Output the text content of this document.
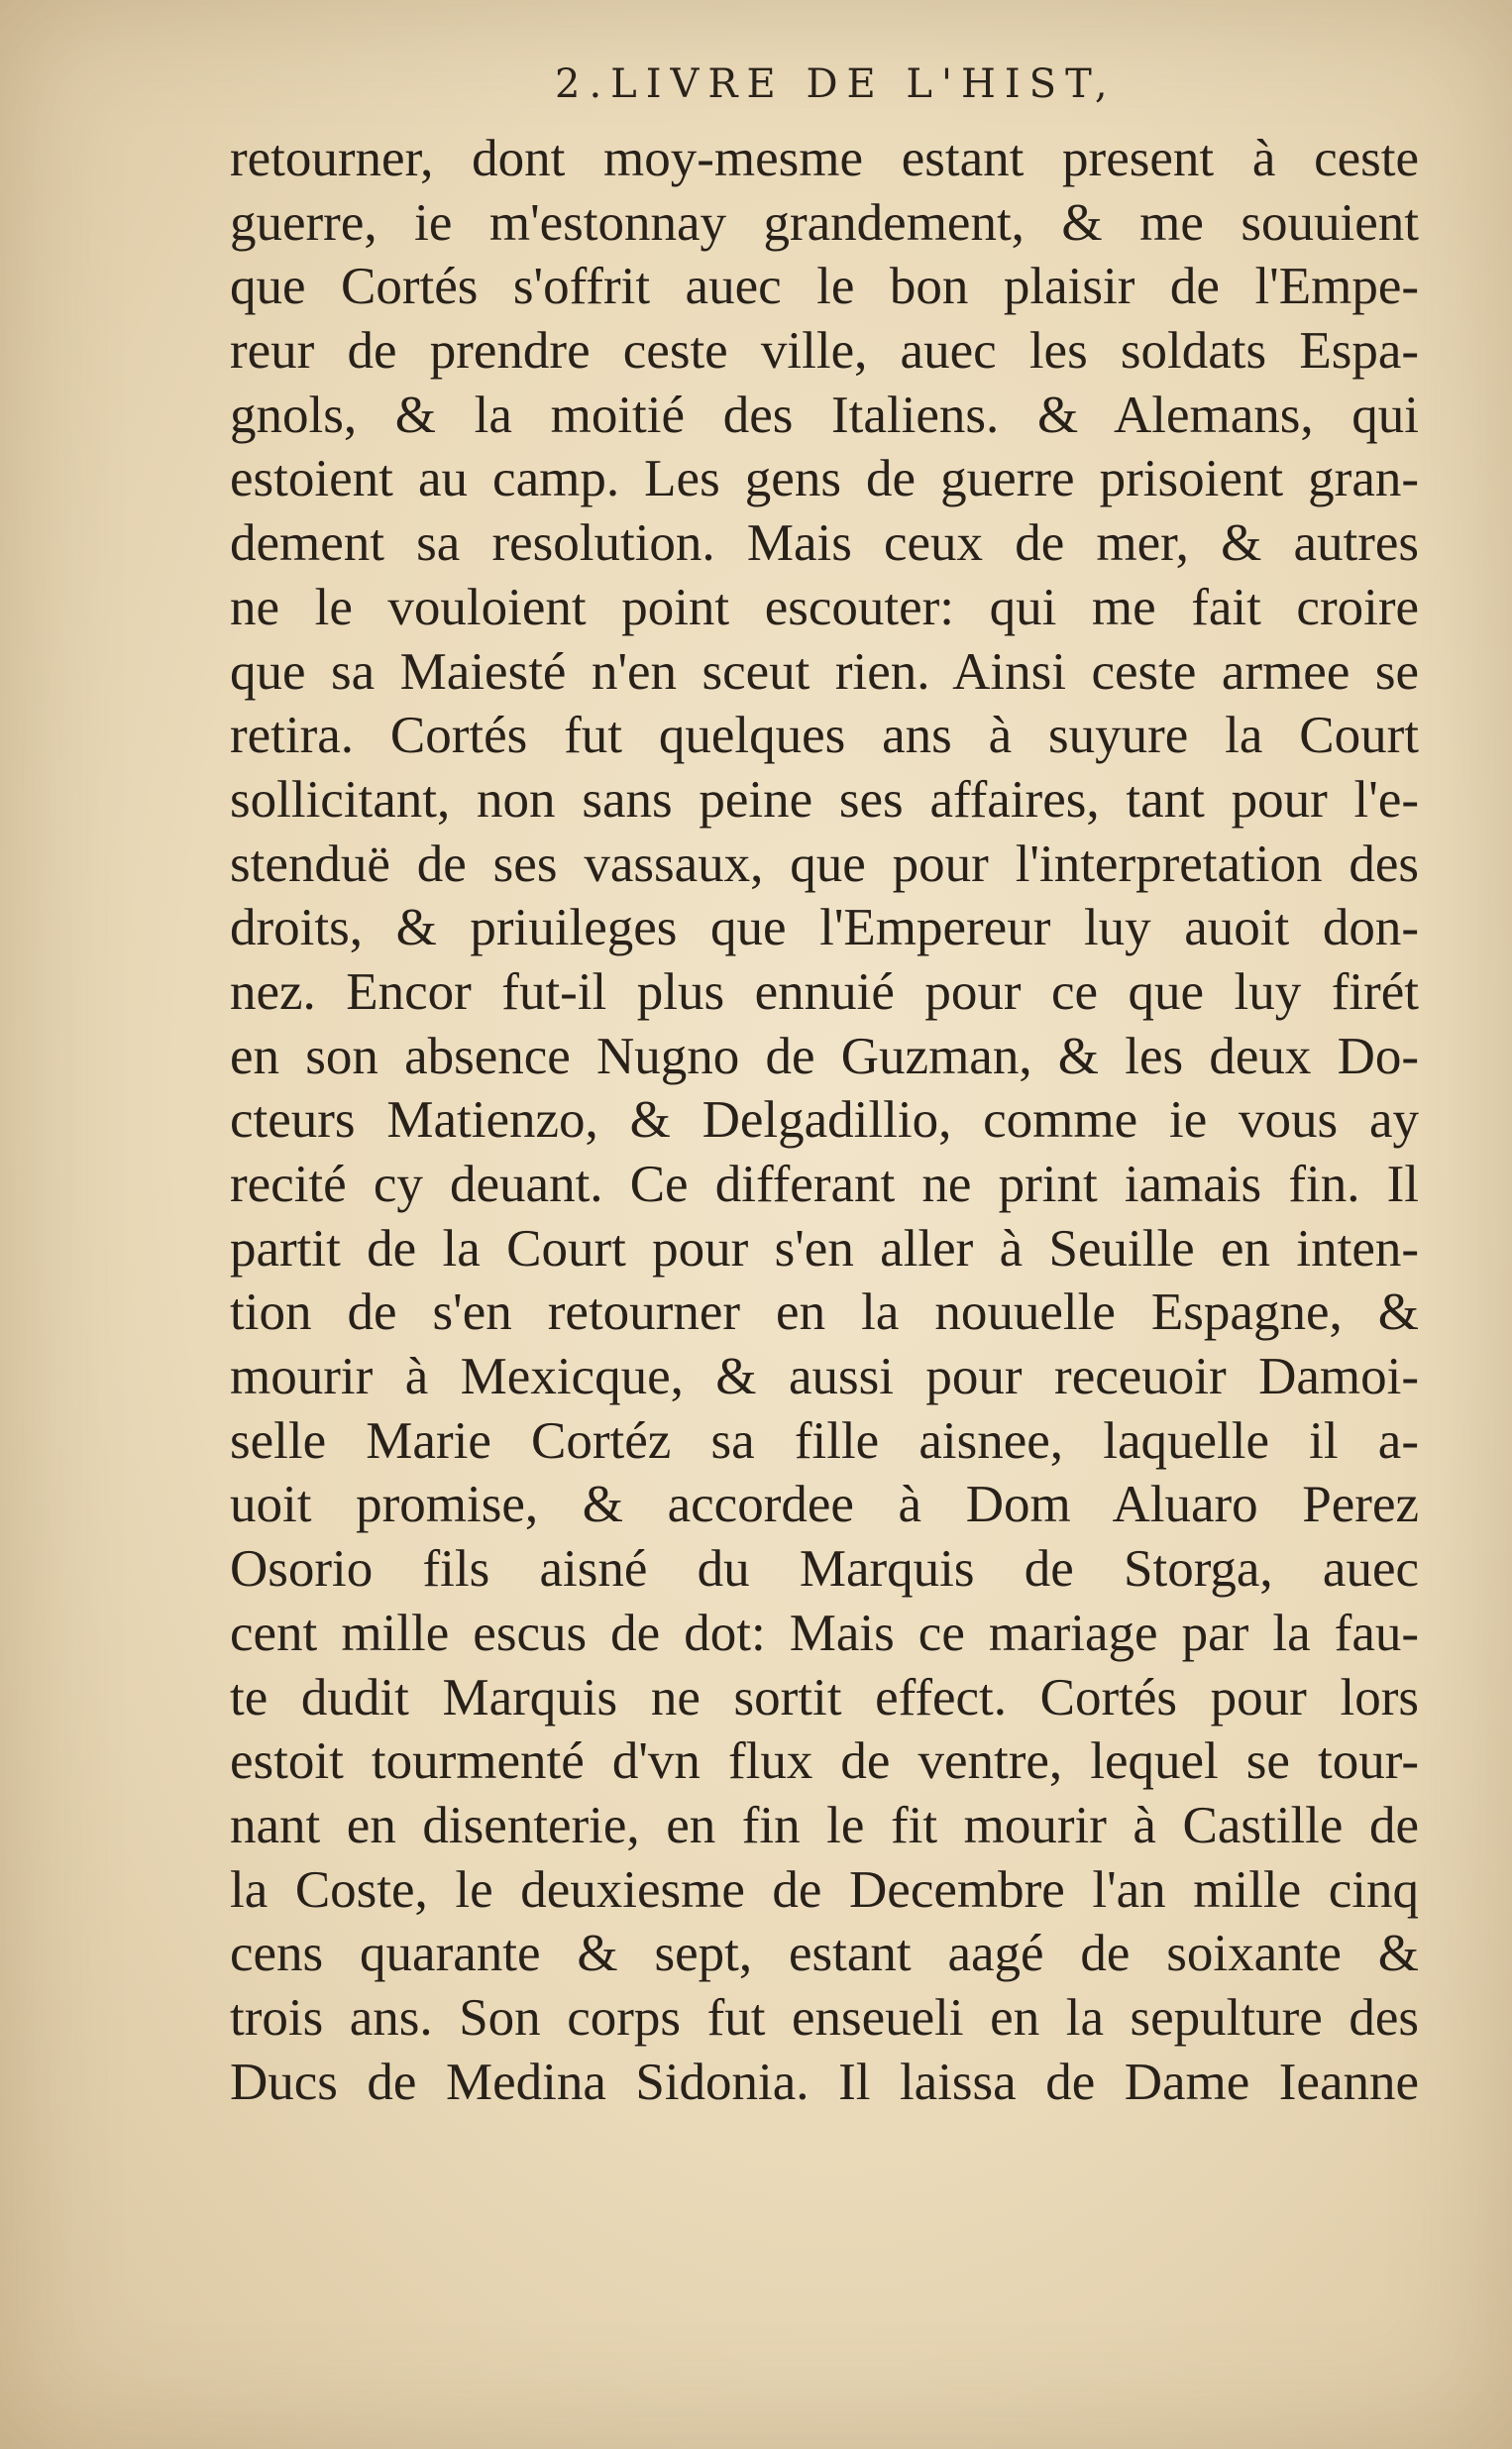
2.LIVRE DE L'HIST,
retourner, dont moy-mesme estant present à ceste
guerre, ie m'estonnay grandement, & me souuient
que Cortés s'offrit auec le bon plaisir de l'Empe-
reur de prendre ceste ville, auec les soldats Espa-
gnols, & la moitié des Italiens. & Alemans, qui
estoient au camp. Les gens de guerre prisoient gran-
dement sa resolution. Mais ceux de mer, & autres
ne le vouloient point escouter: qui me fait croire
que sa Maiesté n'en sceut rien. Ainsi ceste armee se
retira. Cortés fut quelques ans à suyure la Court
sollicitant, non sans peine ses affaires, tant pour l'e-
stenduë de ses vassaux, que pour l'interpretation des
droits, & priuileges que l'Empereur luy auoit don-
nez. Encor fut-il plus ennuié pour ce que luy firét
en son absence Nugno de Guzman, & les deux Do-
cteurs Matienzo, & Delgadillio, comme ie vous ay
recité cy deuant. Ce differant ne print iamais fin. Il
partit de la Court pour s'en aller à Seuille en inten-
tion de s'en retourner en la nouuelle Espagne, &
mourir à Mexicque, & aussi pour receuoir Damoi-
selle Marie Cortéz sa fille aisnee, laquelle il a-
uoit promise, & accordee à Dom Aluaro Perez
Osorio fils aisné du Marquis de Storga, auec
cent mille escus de dot: Mais ce mariage par la fau-
te dudit Marquis ne sortit effect. Cortés pour lors
estoit tourmenté d'vn flux de ventre, lequel se tour-
nant en disenterie, en fin le fit mourir à Castille de
la Coste, le deuxiesme de Decembre l'an mille cinq
cens quarante & sept, estant aagé de soixante &
trois ans. Son corps fut enseueli en la sepulture des
Ducs de Medina Sidonia. Il laissa de Dame Ieanne
